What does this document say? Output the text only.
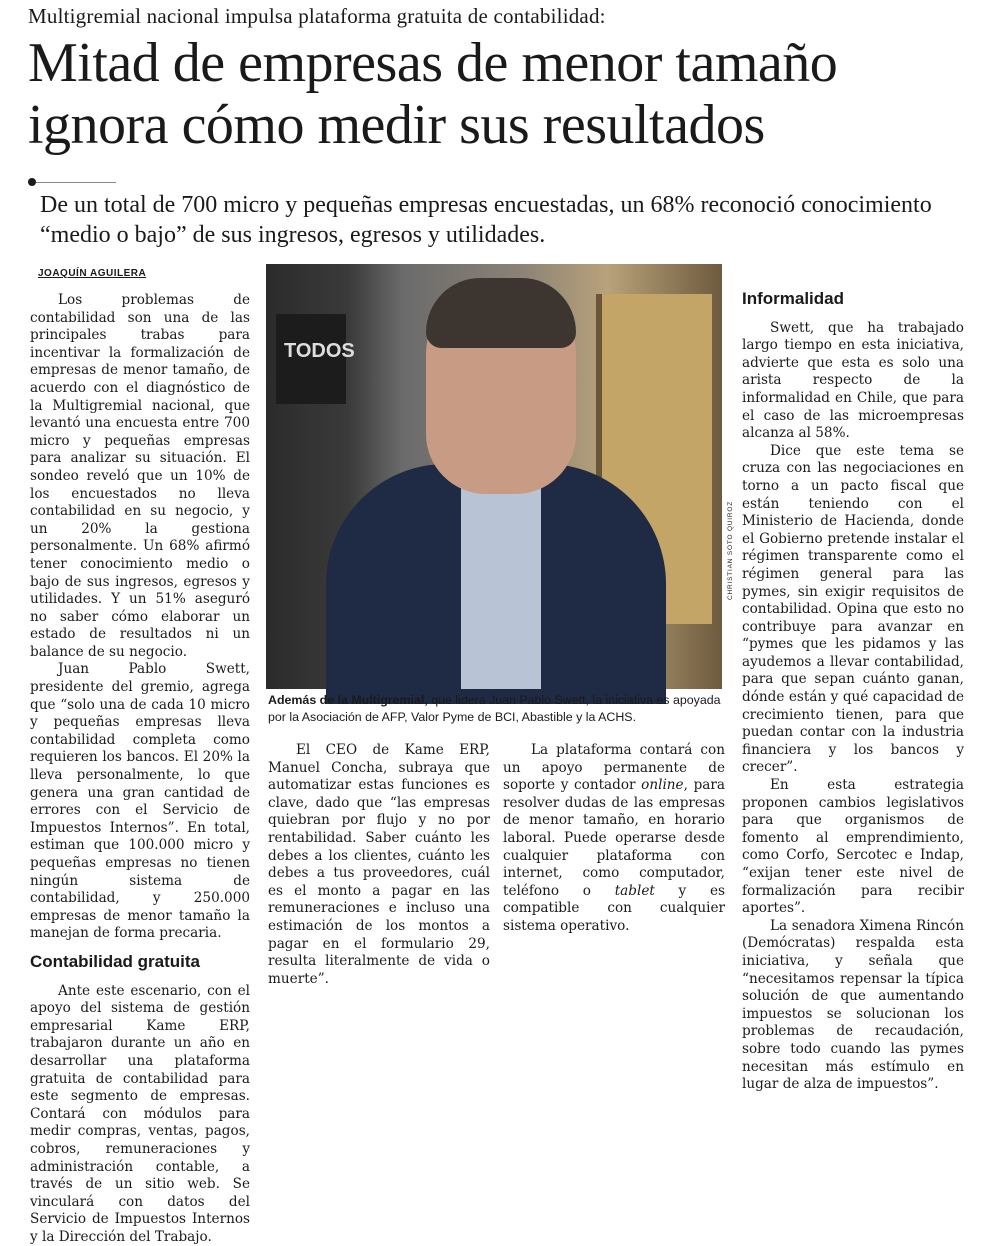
Multigremial nacional impulsa plataforma gratuita de contabilidad:
Mitad de empresas de menor tamaño ignora cómo medir sus resultados
De un total de 700 micro y pequeñas empresas encuestadas, un 68% reconoció conocimiento “medio o bajo” de sus ingresos, egresos y utilidades.
JOAQUÍN AGUILERA

Los problemas de contabilidad son una de las principales trabas para incentivar la formalización de empresas de menor tamaño, de acuerdo con el diagnóstico de la Multigremial nacional, que levantó una encuesta entre 700 micro y pequeñas empresas para analizar su situación. El sondeo reveló que un 10% de los encuestados no lleva contabilidad en su negocio, y un 20% la gestiona personalmente. Un 68% afirmó tener conocimiento medio o bajo de sus ingresos, egresos y utilidades. Y un 51% aseguró no saber cómo elaborar un estado de resultados ni un balance de su negocio.

Juan Pablo Swett, presidente del gremio, agrega que “solo una de cada 10 micro y pequeñas empresas lleva contabilidad completa como requieren los bancos. El 20% la lleva personalmente, lo que genera una gran cantidad de errores con el Servicio de Impuestos Internos”. En total, estiman que 100.000 micro y pequeñas empresas no tienen ningún sistema de contabilidad, y 250.000 empresas de menor tamaño la manejan de forma precaria.

Contabilidad gratuita

Ante este escenario, con el apoyo del sistema de gestión empresarial Kame ERP, trabajaron durante un año en desarrollar una plataforma gratuita de contabilidad para este segmento de empresas. Contará con módulos para medir compras, ventas, pagos, cobros, remuneraciones y administración contable, a través de un sitio web. Se vinculará con datos del Servicio de Impuestos Internos y la Dirección del Trabajo.

TODOS
CHRISTIAN SOTO QUIROZ
Además de la Multigremial, que lidera Juan Pablo Swett, la iniciativa es apoyada por la Asociación de AFP, Valor Pyme de BCI, Abastible y la ACHS.

El CEO de Kame ERP, Manuel Concha, subraya que automatizar estas funciones es clave, dado que “las empresas quiebran por flujo y no por rentabilidad. Saber cuánto les debes a los clientes, cuánto les debes a tus proveedores, cuál es el monto a pagar en las remuneraciones e incluso una estimación de los montos a pagar en el formulario 29, resulta literalmente de vida o muerte”.

La plataforma contará con un apoyo permanente de soporte y contador online, para resolver dudas de las empresas de menor tamaño, en horario laboral. Puede operarse desde cualquier plataforma con internet, como computador, teléfono o tablet y es compatible con cualquier sistema operativo.

Informalidad

Swett, que ha trabajado largo tiempo en esta iniciativa, advierte que esta es solo una arista respecto de la informalidad en Chile, que para el caso de las microempresas alcanza al 58%.

Dice que este tema se cruza con las negociaciones en torno a un pacto fiscal que están teniendo con el Ministerio de Hacienda, donde el Gobierno pretende instalar el régimen transparente como el régimen general para las pymes, sin exigir requisitos de contabilidad. Opina que esto no contribuye para avanzar en “pymes que les pidamos y las ayudemos a llevar contabilidad, para que sepan cuánto ganan, dónde están y qué capacidad de crecimiento tienen, para que puedan contar con la industria financiera y los bancos y crecer”.

En esta estrategia proponen cambios legislativos para que organismos de fomento al emprendimiento, como Corfo, Sercotec e Indap, “exijan tener este nivel de formalización para recibir aportes”.

La senadora Ximena Rincón (Demócratas) respalda esta iniciativa, y señala que “necesitamos repensar la típica solución de que aumentando impuestos se solucionan los problemas de recaudación, sobre todo cuando las pymes necesitan más estímulo en lugar de alza de impuestos”.
